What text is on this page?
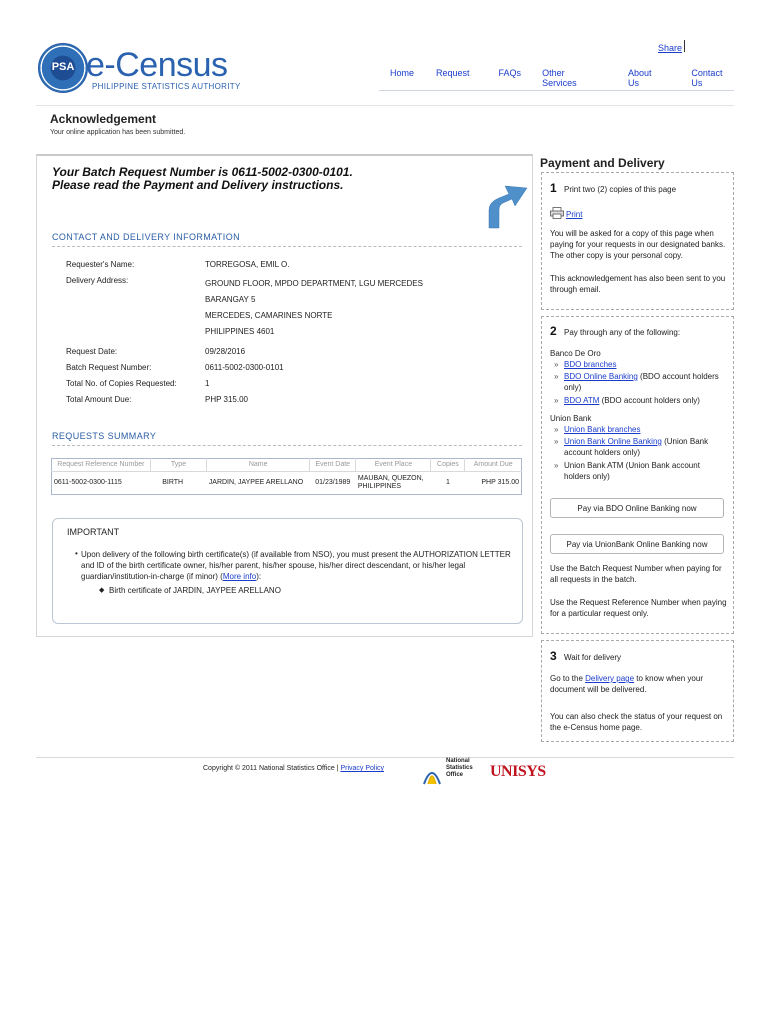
PSA e-Census
PHILIPPINE STATISTICS AUTHORITY
Share
Home Request	FAQs Other Services
About Us
Contact Us
Acknowledgement
Your online application has been submitted.
Your Batch Request Number is 0611-5002-0300-0101.
Please read the Payment and Delivery instructions.
CONTACT AND DELIVERY INFORMATION
Requester's Name:	TORREGOSA, EMIL O.
Delivery Address:	GROUND FLOOR, MPDO DEPARTMENT, LGU MERCEDES
BARANGAY 5
MERCEDES, CAMARINES NORTE
PHILIPPINES 4601
Request Date:	09/28/2016
Batch Request Number:	0611-5002-0300-0101
Total No. of Copies Requested:	1
Total Amount Due:	PHP 315.00
REQUESTS SUMMARY
Request Reference Number	Type	Name	Event Date	Event Place	Copies	Amount Due
0611-5002-0300-1115	BIRTH	JARDIN, JAYPEE ARELLANO	01/23/1989	MAUBAN, QUEZON, PHILIPPINES	1	PHP 315.00
IMPORTANT
• Upon delivery of the following birth certificate(s) (if available from NSO), you must present the AUTHORIZATION LETTER and ID of the birth certificate owner, his/her parent, his/her spouse, his/her direct descendant, or his/her legal guardian/institution-in-charge (if minor) (More info):
◆ Birth certificate of JARDIN, JAYPEE ARELLANO
Payment and Delivery
1 Print two (2) copies of this page
Print

You will be asked for a copy of this page when paying for your requests in our designated banks. The other copy is your personal copy.

This acknowledgement has also been sent to you through email.

2 Pay through any of the following:
Banco De Oro
» BDO branches
» BDO Online Banking (BDO account holders only)
» BDO ATM (BDO account holders only)
Union Bank
» Union Bank branches
» Union Bank Online Banking (Union Bank account holders only)
» Union Bank ATM (Union Bank account holders only)
Pay via BDO Online Banking now
Pay via UnionBank Online Banking now

Use the Batch Request Number when paying for all requests in the batch.

Use the Request Reference Number when paying for a particular request only.

3 Wait for delivery

Go to the Delivery page to know when your document will be delivered.

You can also check the status of your request on the e-Census home page.

Copyright © 2011 National Statistics Office | Privacy Policy
National
Statistics
Office	UNISYS
